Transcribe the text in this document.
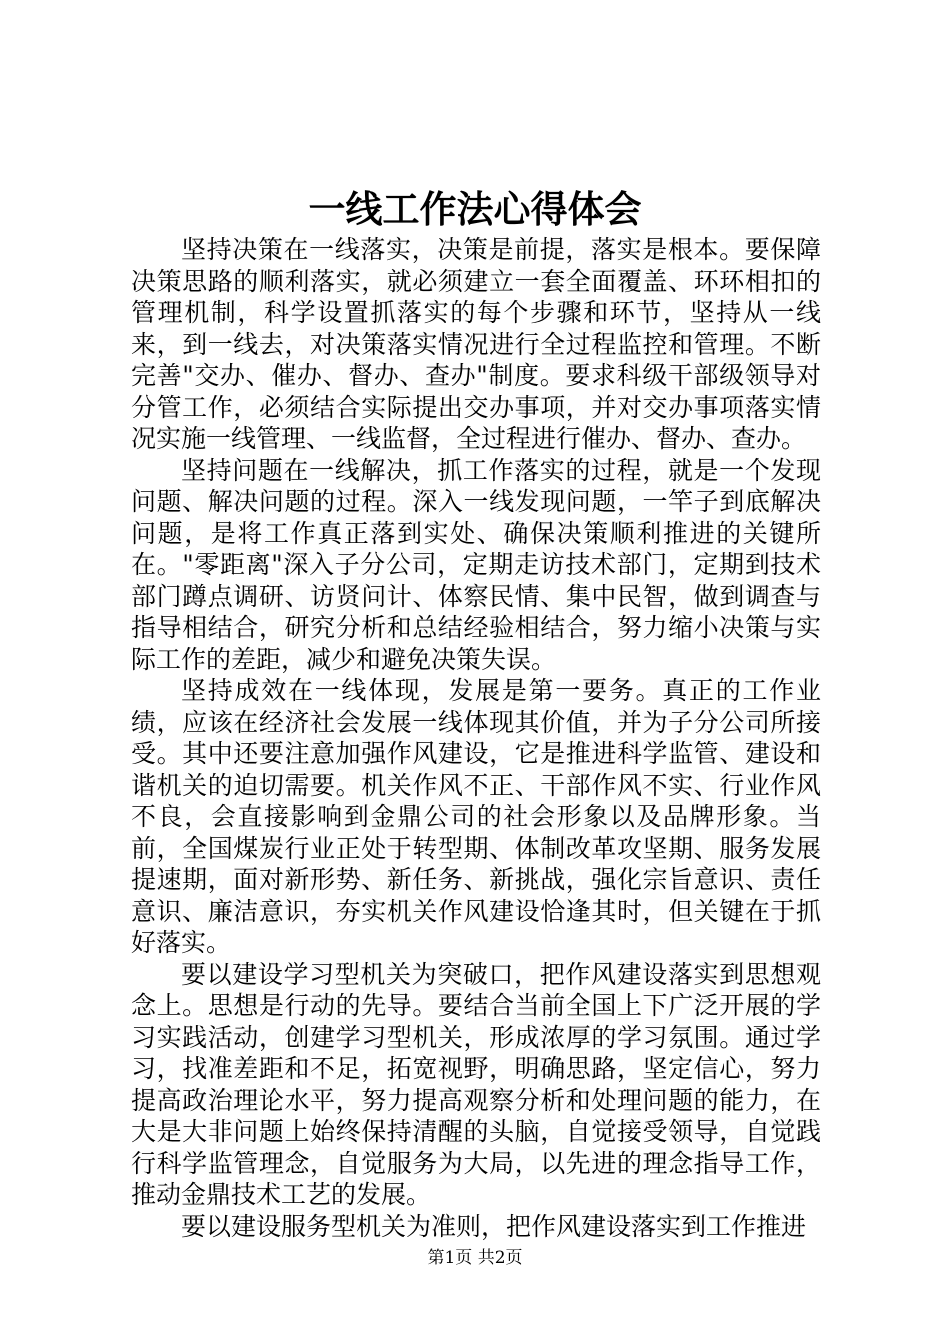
一线工作法心得体会

坚持决策在一线落实，决策是前提，落实是根本。要保障决策思路的顺利落实，就必须建立一套全面覆盖、环环相扣的管理机制，科学设置抓落实的每个步骤和环节，坚持从一线来，到一线去，对决策落实情况进行全过程监控和管理。不断完善"交办、催办、督办、查办"制度。要求科级干部级领导对分管工作，必须结合实际提出交办事项，并对交办事项落实情况实施一线管理、一线监督，全过程进行催办、督办、查办。

坚持问题在一线解决，抓工作落实的过程，就是一个发现问题、解决问题的过程。深入一线发现问题，一竿子到底解决问题，是将工作真正落到实处、确保决策顺利推进的关键所在。"零距离"深入子分公司，定期走访技术部门，定期到技术部门蹲点调研、访贤问计、体察民情、集中民智，做到调查与指导相结合，研究分析和总结经验相结合，努力缩小决策与实际工作的差距，减少和避免决策失误。

坚持成效在一线体现，发展是第一要务。真正的工作业绩，应该在经济社会发展一线体现其价值，并为子分公司所接受。其中还要注意加强作风建设，它是推进科学监管、建设和谐机关的迫切需要。机关作风不正、干部作风不实、行业作风不良，会直接影响到金鼎公司的社会形象以及品牌形象。当前，全国煤炭行业正处于转型期、体制改革攻坚期、服务发展提速期，面对新形势、新任务、新挑战，强化宗旨意识、责任意识、廉洁意识，夯实机关作风建设恰逢其时，但关键在于抓好落实。

要以建设学习型机关为突破口，把作风建设落实到思想观念上。思想是行动的先导。要结合当前全国上下广泛开展的学习实践活动，创建学习型机关，形成浓厚的学习氛围。通过学习，找准差距和不足，拓宽视野，明确思路，坚定信心，努力提高政治理论水平，努力提高观察分析和处理问题的能力，在大是大非问题上始终保持清醒的头脑，自觉接受领导，自觉践行科学监管理念，自觉服务为大局，以先进的理念指导工作，推动金鼎技术工艺的发展。

要以建设服务型机关为准则，把作风建设落实到工作推进

第1页 共2页
